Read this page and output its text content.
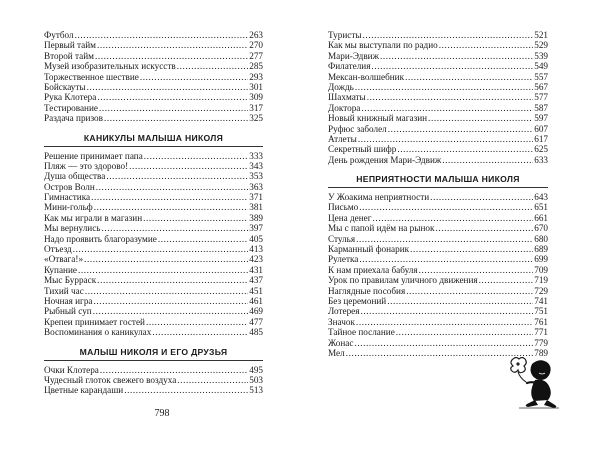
Футбол .....	263
Первый тайм .....	270
Второй тайм .....	277
Музей изобразительных искусств .....	285
Торжественное шествие .....	293
Бойскауты .....	301
Рука Клотера .....	309
Тестирование .....	317
Раздача призов .....	325
КАНИКУЛЫ МАЛЫША НИКОЛЯ
Решение принимает папа .....	333
Пляж — это здорово! .....	343
Душа общества .....	353
Остров Волн .....	363
Гимнастика .....	371
Мини-гольф .....	381
Как мы играли в магазин .....	389
Мы вернулись .....	397
Надо проявить благоразумие .....	405
Отъезд .....	413
«Отвага!» .....	423
Купание .....	431
Мыс Бурраск .....	437
Тихий час .....	451
Ночная игра .....	461
Рыбный суп .....	469
Крепеи принимает гостей .....	477
Воспоминания о каникулах .....	485
МАЛЫШ НИКОЛЯ И ЕГО ДРУЗЬЯ
Очки Клотера .....	495
Чудесный глоток свежего воздуха .....	503
Цветные карандаши .....	513
Туристы .....	521
Как мы выступали по радио .....	529
Мари-Эдвиж .....	539
Филателия .....	549
Мексан-волшебник .....	557
Дождь .....	567
Шахматы .....	577
Доктора .....	587
Новый книжный магазин .....	597
Руфюс заболел .....	607
Атлеты .....	617
Секретный шифр .....	625
День рождения Мари-Эдвиж .....	633
НЕПРИЯТНОСТИ МАЛЫША НИКОЛЯ
У Жоакима неприятности .....	643
Письмо .....	651
Цена денег .....	661
Мы с папой идём на рынок .....	670
Стулья .....	680
Карманный фонарик .....	689
Рулетка .....	699
К нам приехала бабуля .....	709
Урок по правилам уличного движения .....	719
Наглядные пособия .....	729
Без церемоний .....	741
Лотерея .....	751
Значок .....	761
Тайное послание .....	771
Жонас .....	779
Мел .....	789
798
